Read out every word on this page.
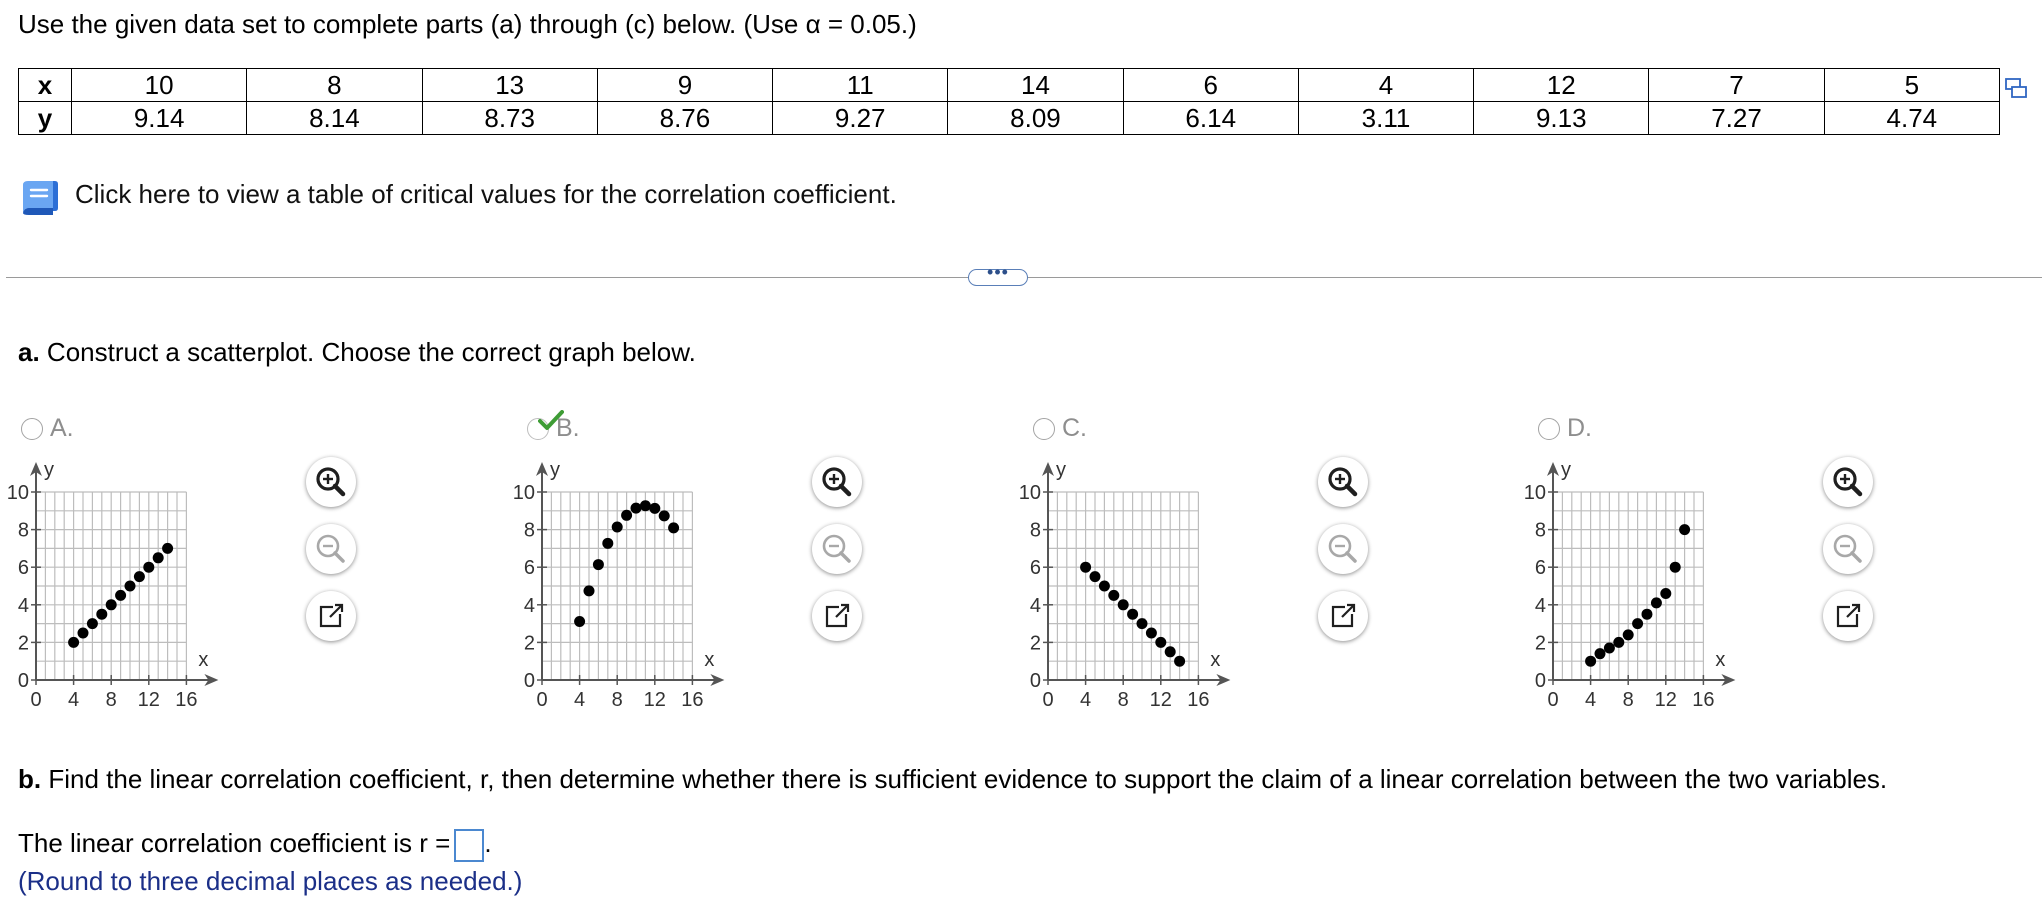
Use the given data set to complete parts (a) through (c) below. (Use α = 0.05.)
x	10	8	13	9	11	14	6	4	12	7	5
y	9.14	8.14	8.73	8.76	9.27	8.09	6.14	3.11	9.13	7.27	4.74
Click here to view a table of critical values for the correlation coefficient.
•••
a. Construct a scatterplot. Choose the correct graph below.
A.
0 4 8 12 16
0
2
4
6
8
10
y
x
B.
0 4 8 12 16
0
2
4
6
8
10
y
x
C.
0 4 8 12 16
0
2
4
6
8
10
y
x
D.
0 4 8 12 16
0
2
4
6
8
10
y
x
b. Find the linear correlation coefficient, r, then determine whether there is sufficient evidence to support the claim of a linear correlation between the two variables.
The linear correlation coefficient is r = .
(Round to three decimal places as needed.)
